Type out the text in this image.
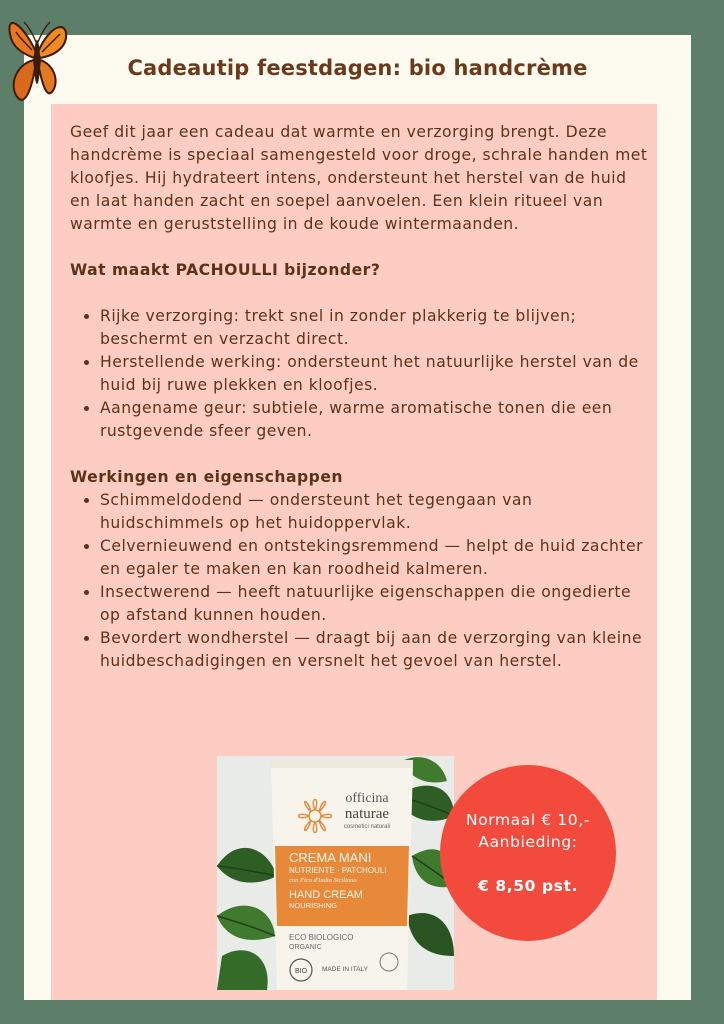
Cadeautip feestdagen: bio handcrème

Geef dit jaar een cadeau dat warmte en verzorging brengt. Deze handcrème is speciaal samengesteld voor droge, schrale handen met kloofjes. Hij hydrateert intens, ondersteunt het herstel van de huid en laat handen zacht en soepel aanvoelen. Een klein ritueel van warmte en geruststelling in de koude wintermaanden.

Wat maakt PACHOULLI bijzonder?
• Rijke verzorging: trekt snel in zonder plakkerig te blijven; beschermt en verzacht direct.
• Herstellende werking: ondersteunt het natuurlijke herstel van de huid bij ruwe plekken en kloofjes.
• Aangename geur: subtiele, warme aromatische tonen die een rustgevende sfeer geven.
Werkingen en eigenschappen
• Schimmeldodend — ondersteunt het tegengaan van huidschimmels op het huidoppervlak.
• Celvernieuwend en ontstekingsremmend — helpt de huid zachter en egaler te maken en kan roodheid kalmeren.
• Insectwerend — heeft natuurlijke eigenschappen die ongedierte op afstand kunnen houden.
• Bevordert wondherstel — draagt bij aan de verzorging van kleine huidbeschadigingen en versnelt het gevoel van herstel.
officina
naturae
cosmetici naturali
CREMA MANI
NUTRIENTE · PATCHOULI
con Fico d'India Siciliano
HAND CREAM
NOURISHING
ECO BIOLOGICO
ORGANIC
BIO MADE IN ITALY
Normaal € 10,-
Aanbieding:
€ 8,50 pst.
